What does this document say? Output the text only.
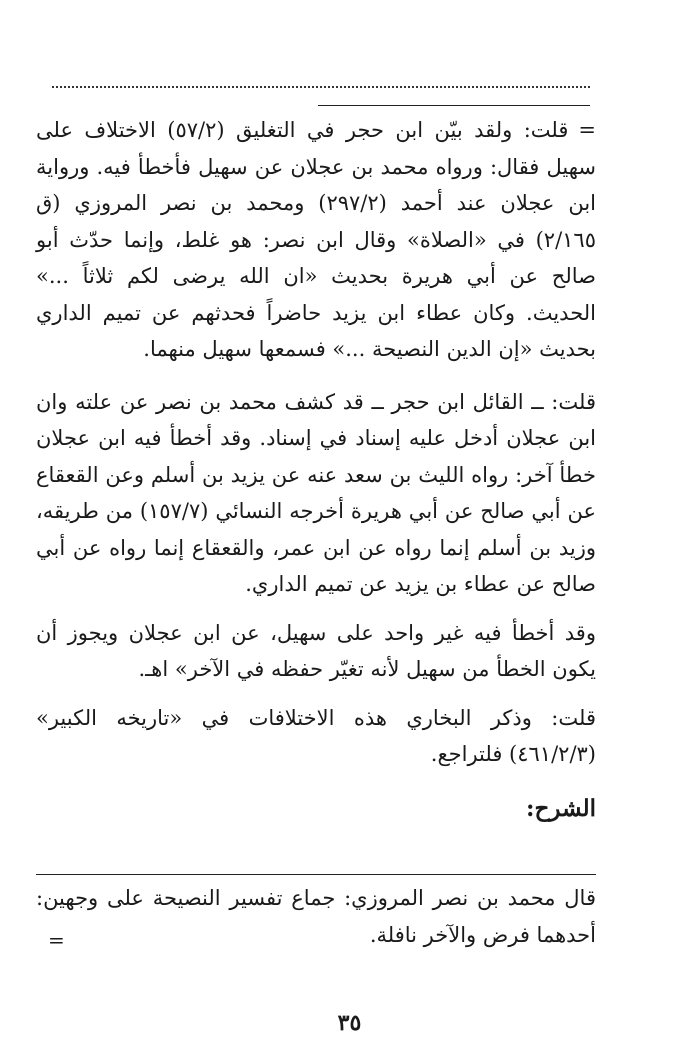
=قلت: ولقد بيّن ابن حجر في التغليق (٥٧/٢) الاختلاف على سهيل فقال: ورواه محمد بن عجلان عن سهيل فأخطأ فيه. ورواية ابن عجلان عند أحمد (٢٩٧/٢) ومحمد بن نصر المروزي (ق ٢/١٦٥) في «الصلاة» وقال ابن نصر: هو غلط، وإنما حدّث أبو صالح عن أبي هريرة بحديث «ان الله يرضى لكم ثلاثاً ...» الحديث. وكان عطاء ابن يزيد حاضراً فحدثهم عن تميم الداري بحديث «إن الدين النصيحة ...» فسمعها سهيل منهما.

قلت: ــ القائل ابن حجر ــ قد كشف محمد بن نصر عن علته وان ابن عجلان أدخل عليه إسناد في إسناد. وقد أخطأ فيه ابن عجلان خطأ آخر: رواه الليث بن سعد عنه عن يزيد بن أسلم وعن القعقاع عن أبي صالح عن أبي هريرة أخرجه النسائي (١٥٧/٧) من طريقه، وزيد بن أسلم إنما رواه عن ابن عمر، والقعقاع إنما رواه عن أبي صالح عن عطاء بن يزيد عن تميم الداري.

وقد أخطأ فيه غير واحد على سهيل، عن ابن عجلان ويجوز أن يكون الخطأ من سهيل لأنه تغيّر حفظه في الآخر» اهـ.

قلت: وذكر البخاري هذه الاختلافات في «تاريخه الكبير» (٤٦١/٢/٣) فلتراجع.

الشرح:

قال محمد بن نصر المروزي: جماع تفسير النصيحة على وجهين: أحدهما فرض والآخر نافلة.

=
٣٥
